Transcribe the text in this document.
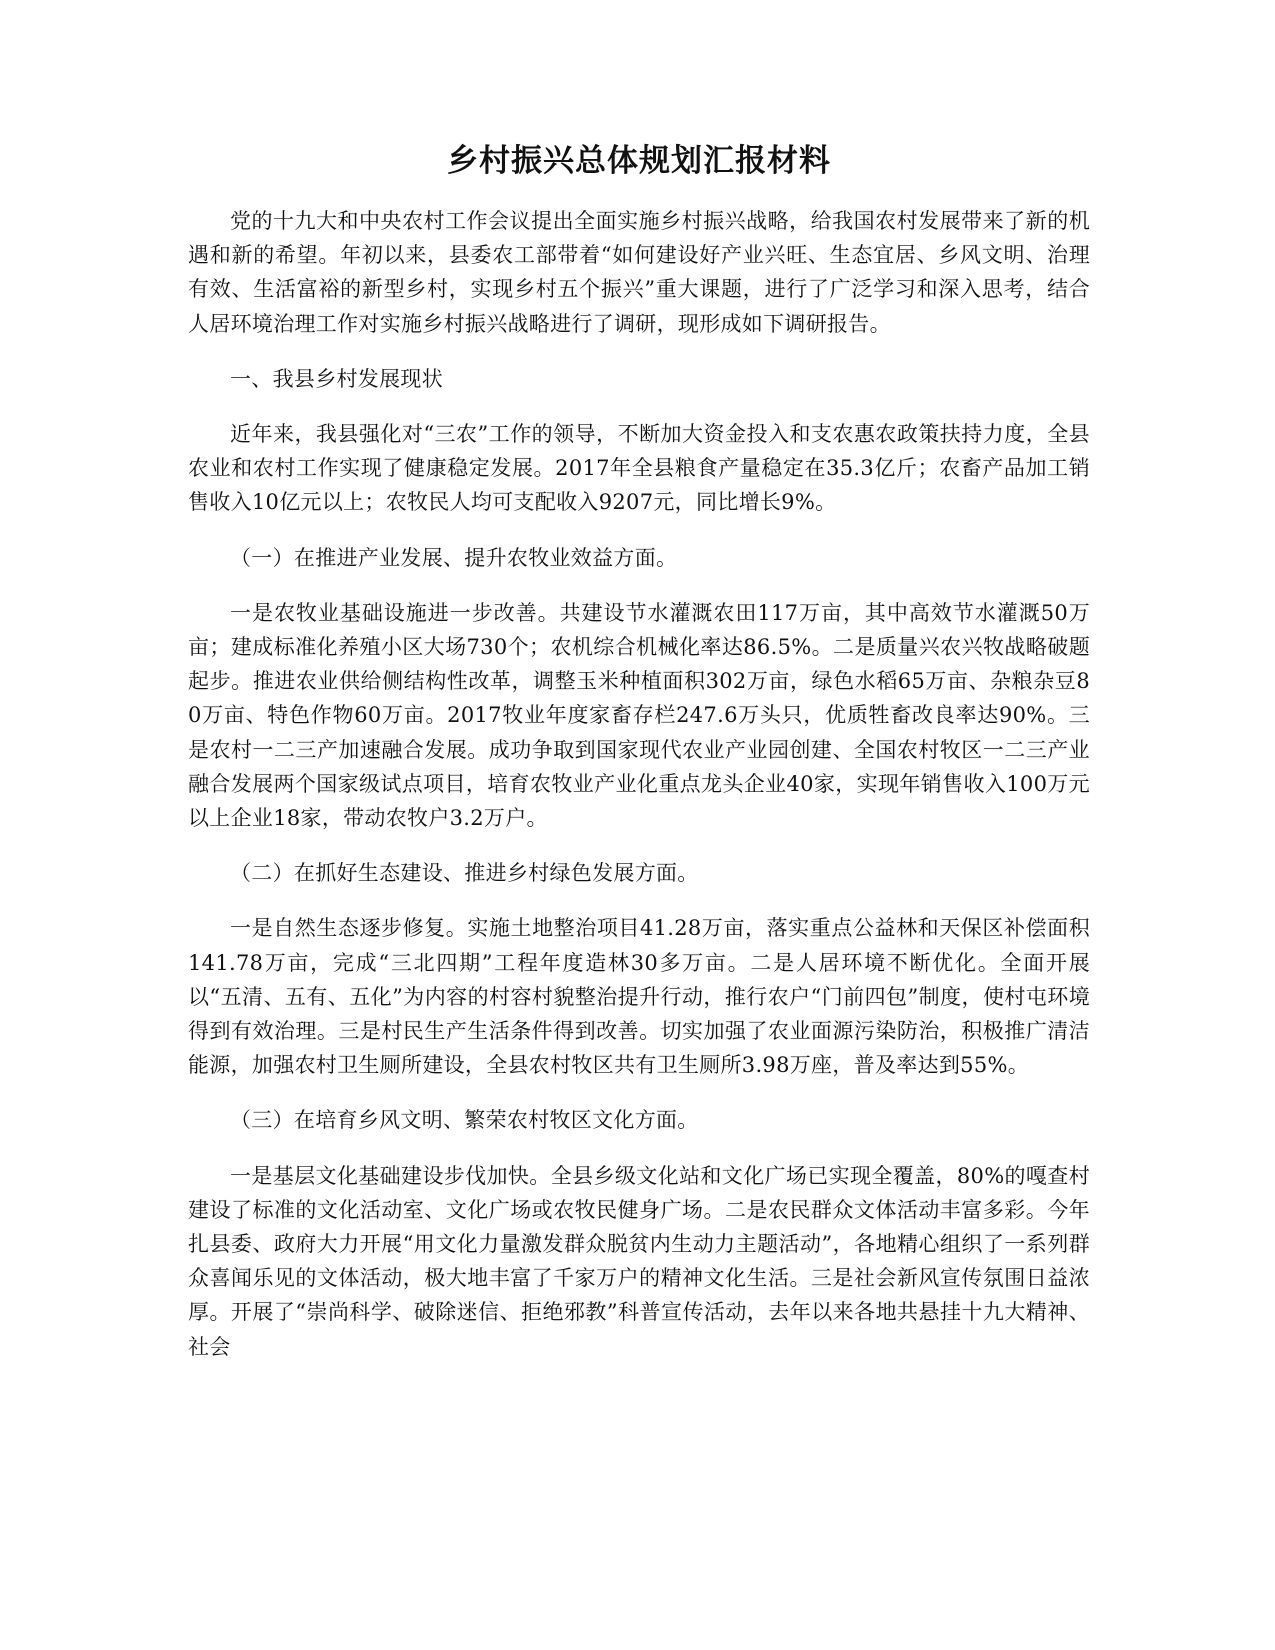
乡村振兴总体规划汇报材料

党的十九大和中央农村工作会议提出全面实施乡村振兴战略，给我国农村发展带来了新的机遇和新的希望。年初以来，县委农工部带着“如何建设好产业兴旺、生态宜居、乡风文明、治理有效、生活富裕的新型乡村，实现乡村五个振兴”重大课题，进行了广泛学习和深入思考，结合人居环境治理工作对实施乡村振兴战略进行了调研，现形成如下调研报告。

一、我县乡村发展现状

近年来，我县强化对“三农”工作的领导，不断加大资金投入和支农惠农政策扶持力度，全县农业和农村工作实现了健康稳定发展。2017年全县粮食产量稳定在35.3亿斤；农畜产品加工销售收入10亿元以上；农牧民人均可支配收入9207元，同比增长9%。

（一）在推进产业发展、提升农牧业效益方面。

一是农牧业基础设施进一步改善。共建设节水灌溉农田117万亩，其中高效节水灌溉50万亩；建成标准化养殖小区大场730个；农机综合机械化率达86.5%。二是质量兴农兴牧战略破题起步。推进农业供给侧结构性改革，调整玉米种植面积302万亩，绿色水稻65万亩、杂粮杂豆80万亩、特色作物60万亩。2017牧业年度家畜存栏247.6万头只，优质牲畜改良率达90%。三是农村一二三产加速融合发展。成功争取到国家现代农业产业园创建、全国农村牧区一二三产业融合发展两个国家级试点项目，培育农牧业产业化重点龙头企业40家，实现年销售收入100万元以上企业18家，带动农牧户3.2万户。

（二）在抓好生态建设、推进乡村绿色发展方面。

一是自然生态逐步修复。实施土地整治项目41.28万亩，落实重点公益林和天保区补偿面积141.78万亩，完成“三北四期”工程年度造林30多万亩。二是人居环境不断优化。全面开展以“五清、五有、五化”为内容的村容村貌整治提升行动，推行农户“门前四包”制度，使村屯环境得到有效治理。三是村民生产生活条件得到改善。切实加强了农业面源污染防治，积极推广清洁能源，加强农村卫生厕所建设，全县农村牧区共有卫生厕所3.98万座，普及率达到55%。

（三）在培育乡风文明、繁荣农村牧区文化方面。

一是基层文化基础建设步伐加快。全县乡级文化站和文化广场已实现全覆盖，80%的嘎查村建设了标准的文化活动室、文化广场或农牧民健身广场。二是农民群众文体活动丰富多彩。今年扎县委、政府大力开展“用文化力量激发群众脱贫内生动力主题活动”，各地精心组织了一系列群众喜闻乐见的文体活动，极大地丰富了千家万户的精神文化生活。三是社会新风宣传氛围日益浓厚。开展了“崇尚科学、破除迷信、拒绝邪教”科普宣传活动，去年以来各地共悬挂十九大精神、社会
